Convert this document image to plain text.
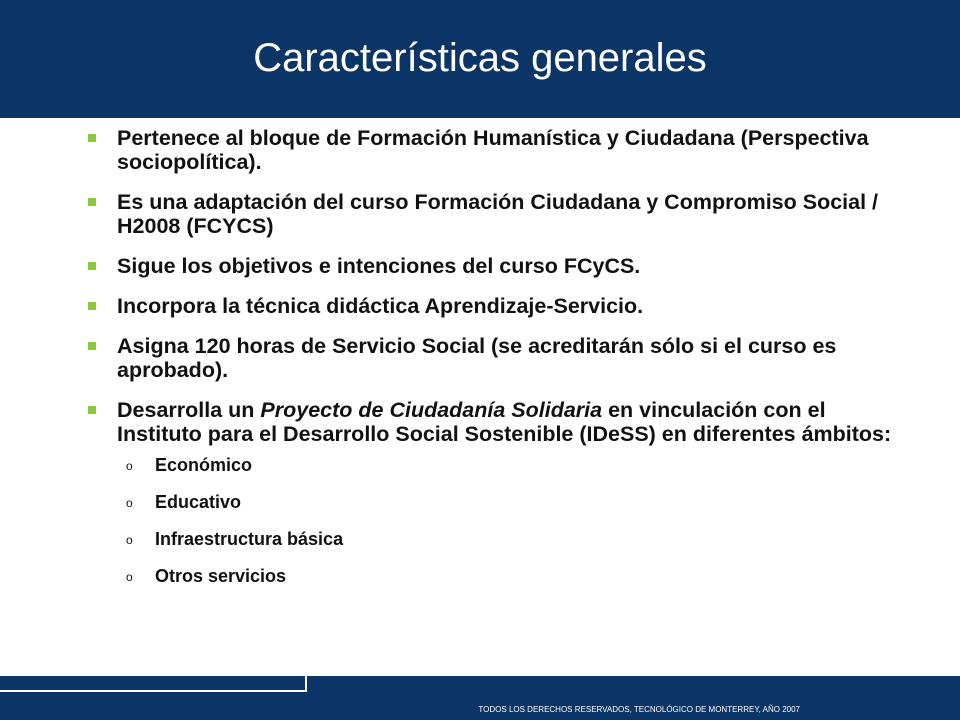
Características generales
Pertenece al bloque de Formación Humanística y Ciudadana (Perspectiva sociopolítica).
Es una adaptación del curso Formación Ciudadana y Compromiso Social / H2008 (FCYCS)
Sigue los objetivos e intenciones del curso FCyCS.
Incorpora la técnica didáctica Aprendizaje-Servicio.
Asigna 120 horas de Servicio Social (se acreditarán sólo si el curso es aprobado).
Desarrolla un Proyecto de Ciudadanía Solidaria en vinculación con el Instituto para el Desarrollo Social Sostenible (IDeSS) en diferentes ámbitos:
o Económico
o Educativo
o Infraestructura básica
o Otros servicios
TODOS LOS DERECHOS RESERVADOS, TECNOLÓGICO DE MONTERREY, AÑO 2007
